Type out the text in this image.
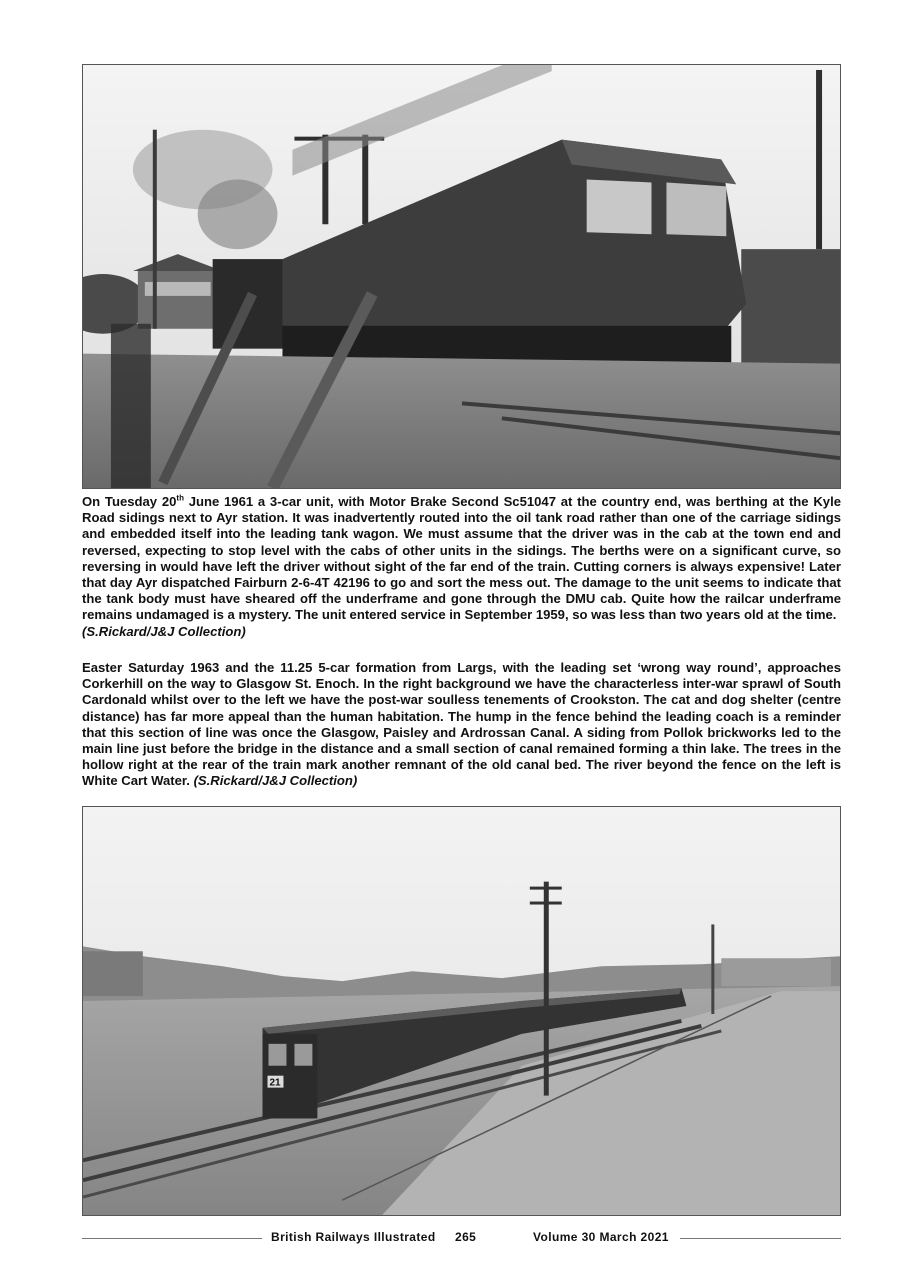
On Tuesday 20th June 1961 a 3-car unit, with Motor Brake Second Sc51047 at the country end, was berthing at the Kyle Road sidings next to Ayr station. It was inadvertently routed into the oil tank road rather than one of the carriage sidings and embedded itself into the leading tank wagon. We must assume that the driver was in the cab at the town end and reversed, expecting to stop level with the cabs of other units in the sidings. The berths were on a significant curve, so reversing in would have left the driver without sight of the far end of the train. Cutting corners is always expensive! Later that day Ayr dispatched Fairburn 2-6-4T 42196 to go and sort the mess out. The damage to the unit seems to indicate that the tank body must have sheared off the underframe and gone through the DMU cab. Quite how the railcar underframe remains undamaged is a mystery. The unit entered service in September 1959, so was less than two years old at the time.
(S.Rickard/J&J Collection)

Easter Saturday 1963 and the 11.25 5-car formation from Largs, with the leading set ‘wrong way round’, approaches Corkerhill on the way to Glasgow St. Enoch. In the right background we have the characterless inter-war sprawl of South Cardonald whilst over to the left we have the post-war soulless tenements of Crookston. The cat and dog shelter (centre distance) has far more appeal than the human habitation. The hump in the fence behind the leading coach is a reminder that this section of line was once the Glasgow, Paisley and Ardrossan Canal. A siding from Pollok brickworks led to the main line just before the bridge in the distance and a small section of canal remained forming a thin lake. The trees in the hollow right at the rear of the train mark another remnant of the old canal bed. The river beyond the fence on the left is White Cart Water. (S.Rickard/J&J Collection)

21
British Railways Illustrated 265	Volume 30 March 2021
